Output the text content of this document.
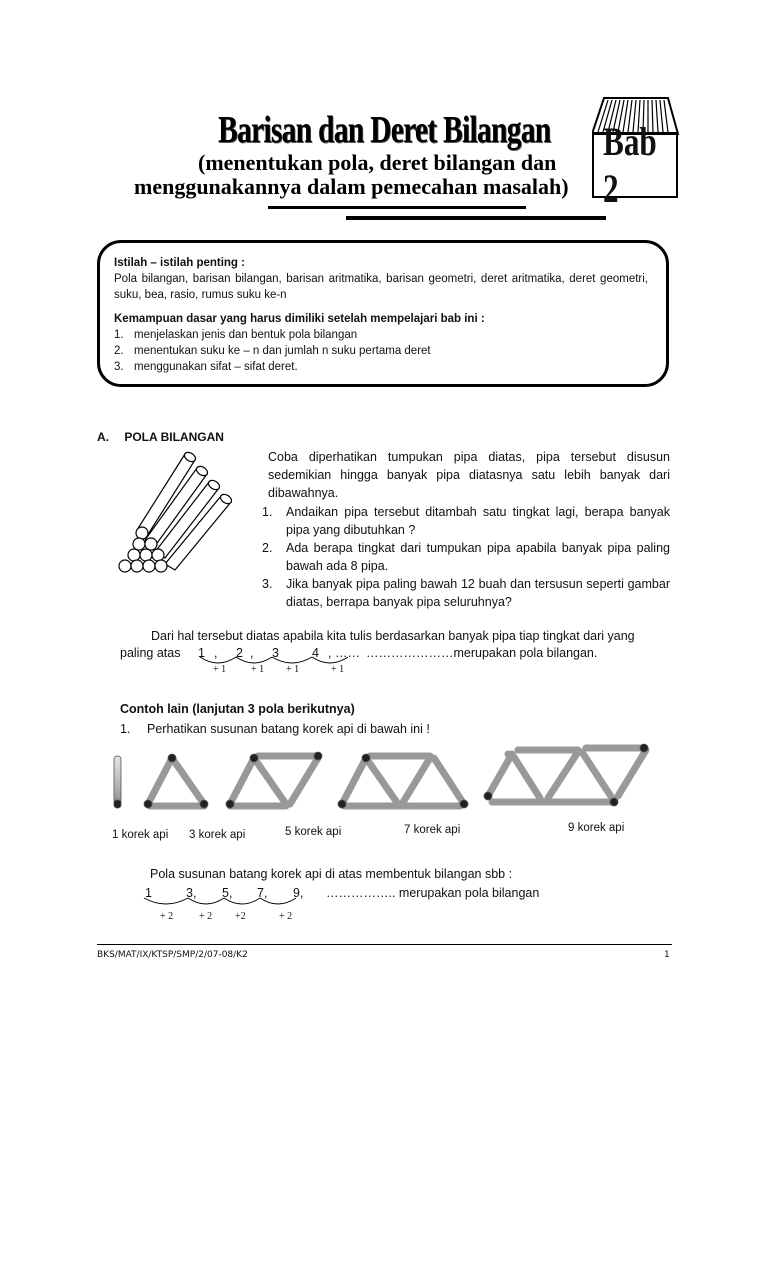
Barisan dan Deret Bilangan
(menentukan pola, deret bilangan dan
menggunakannya dalam pemecahan masalah)
Bab 2

Istilah – istilah penting :

Pola bilangan, barisan bilangan, barisan aritmatika, barisan geometri, deret aritmatika, deret geometri, suku, bea, rasio, rumus suku ke-n

Kemampuan dasar yang harus dimiliki setelah mempelajari bab ini :

1. menjelaskan jenis dan bentuk pola bilangan
2. menentukan suku ke – n dan jumlah n suku pertama deret
3. menggunakan sifat – sifat deret.
A. POLA BILANGAN
Coba diperhatikan tumpukan pipa diatas, pipa tersebut disusun sedemikian hingga banyak pipa diatasnya satu lebih banyak dari dibawahnya.
1.	Andaikan pipa tersebut ditambah satu tingkat lagi, berapa banyak pipa yang dibutuhkan ?
2.	Ada berapa tingkat dari tumpukan pipa apabila banyak pipa paling bawah ada 8 pipa.
3.	Jika banyak pipa paling bawah 12 buah dan tersusun seperti gambar diatas, berrapa banyak pipa seluruhnya?
Dari hal tersebut diatas apabila kita tulis berdasarkan banyak pipa tiap tingkat dari yang
paling atas 1 , 2 , 3	4 , …… …………………merupakan pola bilangan.
+ 1 + 1 + 1	+ 1
Contoh lain (lanjutan 3 pola berikutnya)
1. Perhatikan susunan batang korek api di bawah ini !
1 korek api 3 korek api	5 korek api	7 korek api	9 korek api
Pola susunan batang korek api di atas membentuk bilangan sbb :
1	3, 5, 7, 9, …………….. merupakan pola bilangan
+ 2	+ 2 +2	+ 2
BKS/MAT/IX/KTSP/SMP/2/07-08/K2	1
